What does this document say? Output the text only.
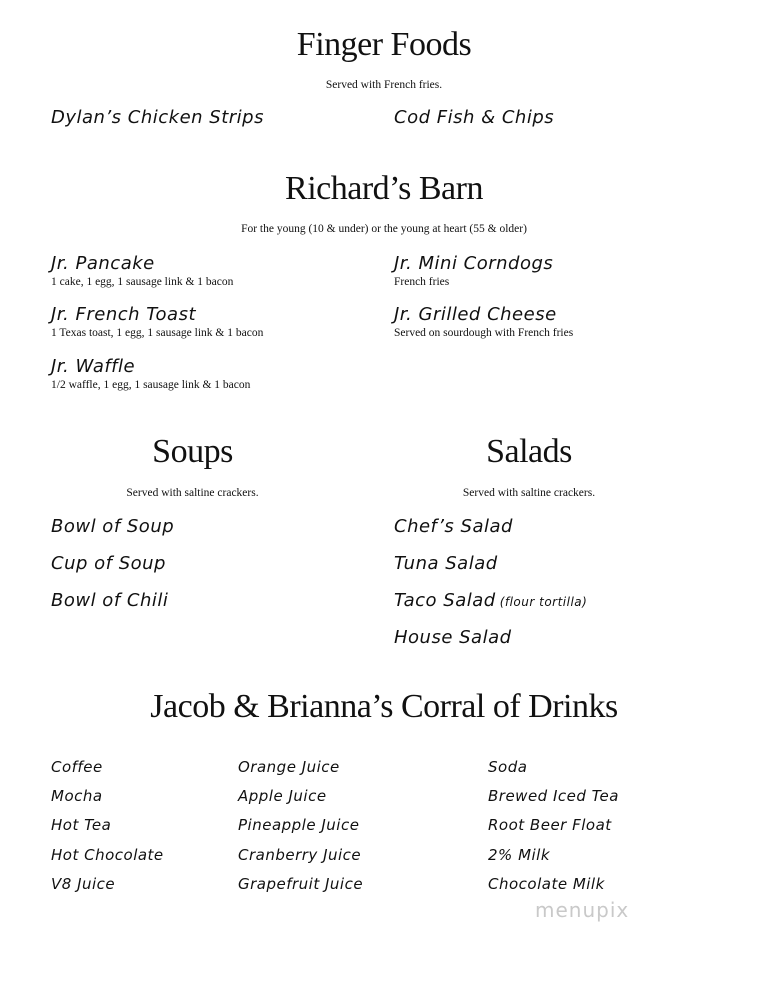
Finger Foods
Served with French fries.
Dylan’s Chicken Strips	Cod Fish & Chips
Richard’s Barn
For the young (10 & under) or the young at heart (55 & older)
Jr. Pancake
1 cake, 1 egg, 1 sausage link & 1 bacon
Jr. Mini Corndogs
French fries
Jr. French Toast
1 Texas toast, 1 egg, 1 sausage link & 1 bacon
Jr. Grilled Cheese
Served on sourdough with French fries
Jr. Waffle
1/2 waffle, 1 egg, 1 sausage link & 1 bacon
Soups
Served with saltine crackers.
Bowl of Soup
Cup of Soup
Bowl of Chili
Salads
Served with saltine crackers.
Chef’s Salad
Tuna Salad
Taco Salad (flour tortilla)
House Salad
Jacob & Brianna’s Corral of Drinks
Coffee
Mocha
Hot Tea
Hot Chocolate
V8 Juice
Orange Juice
Apple Juice
Pineapple Juice
Cranberry Juice
Grapefruit Juice
Soda
Brewed Iced Tea
Root Beer Float
2% Milk
Chocolate Milk
menupix
